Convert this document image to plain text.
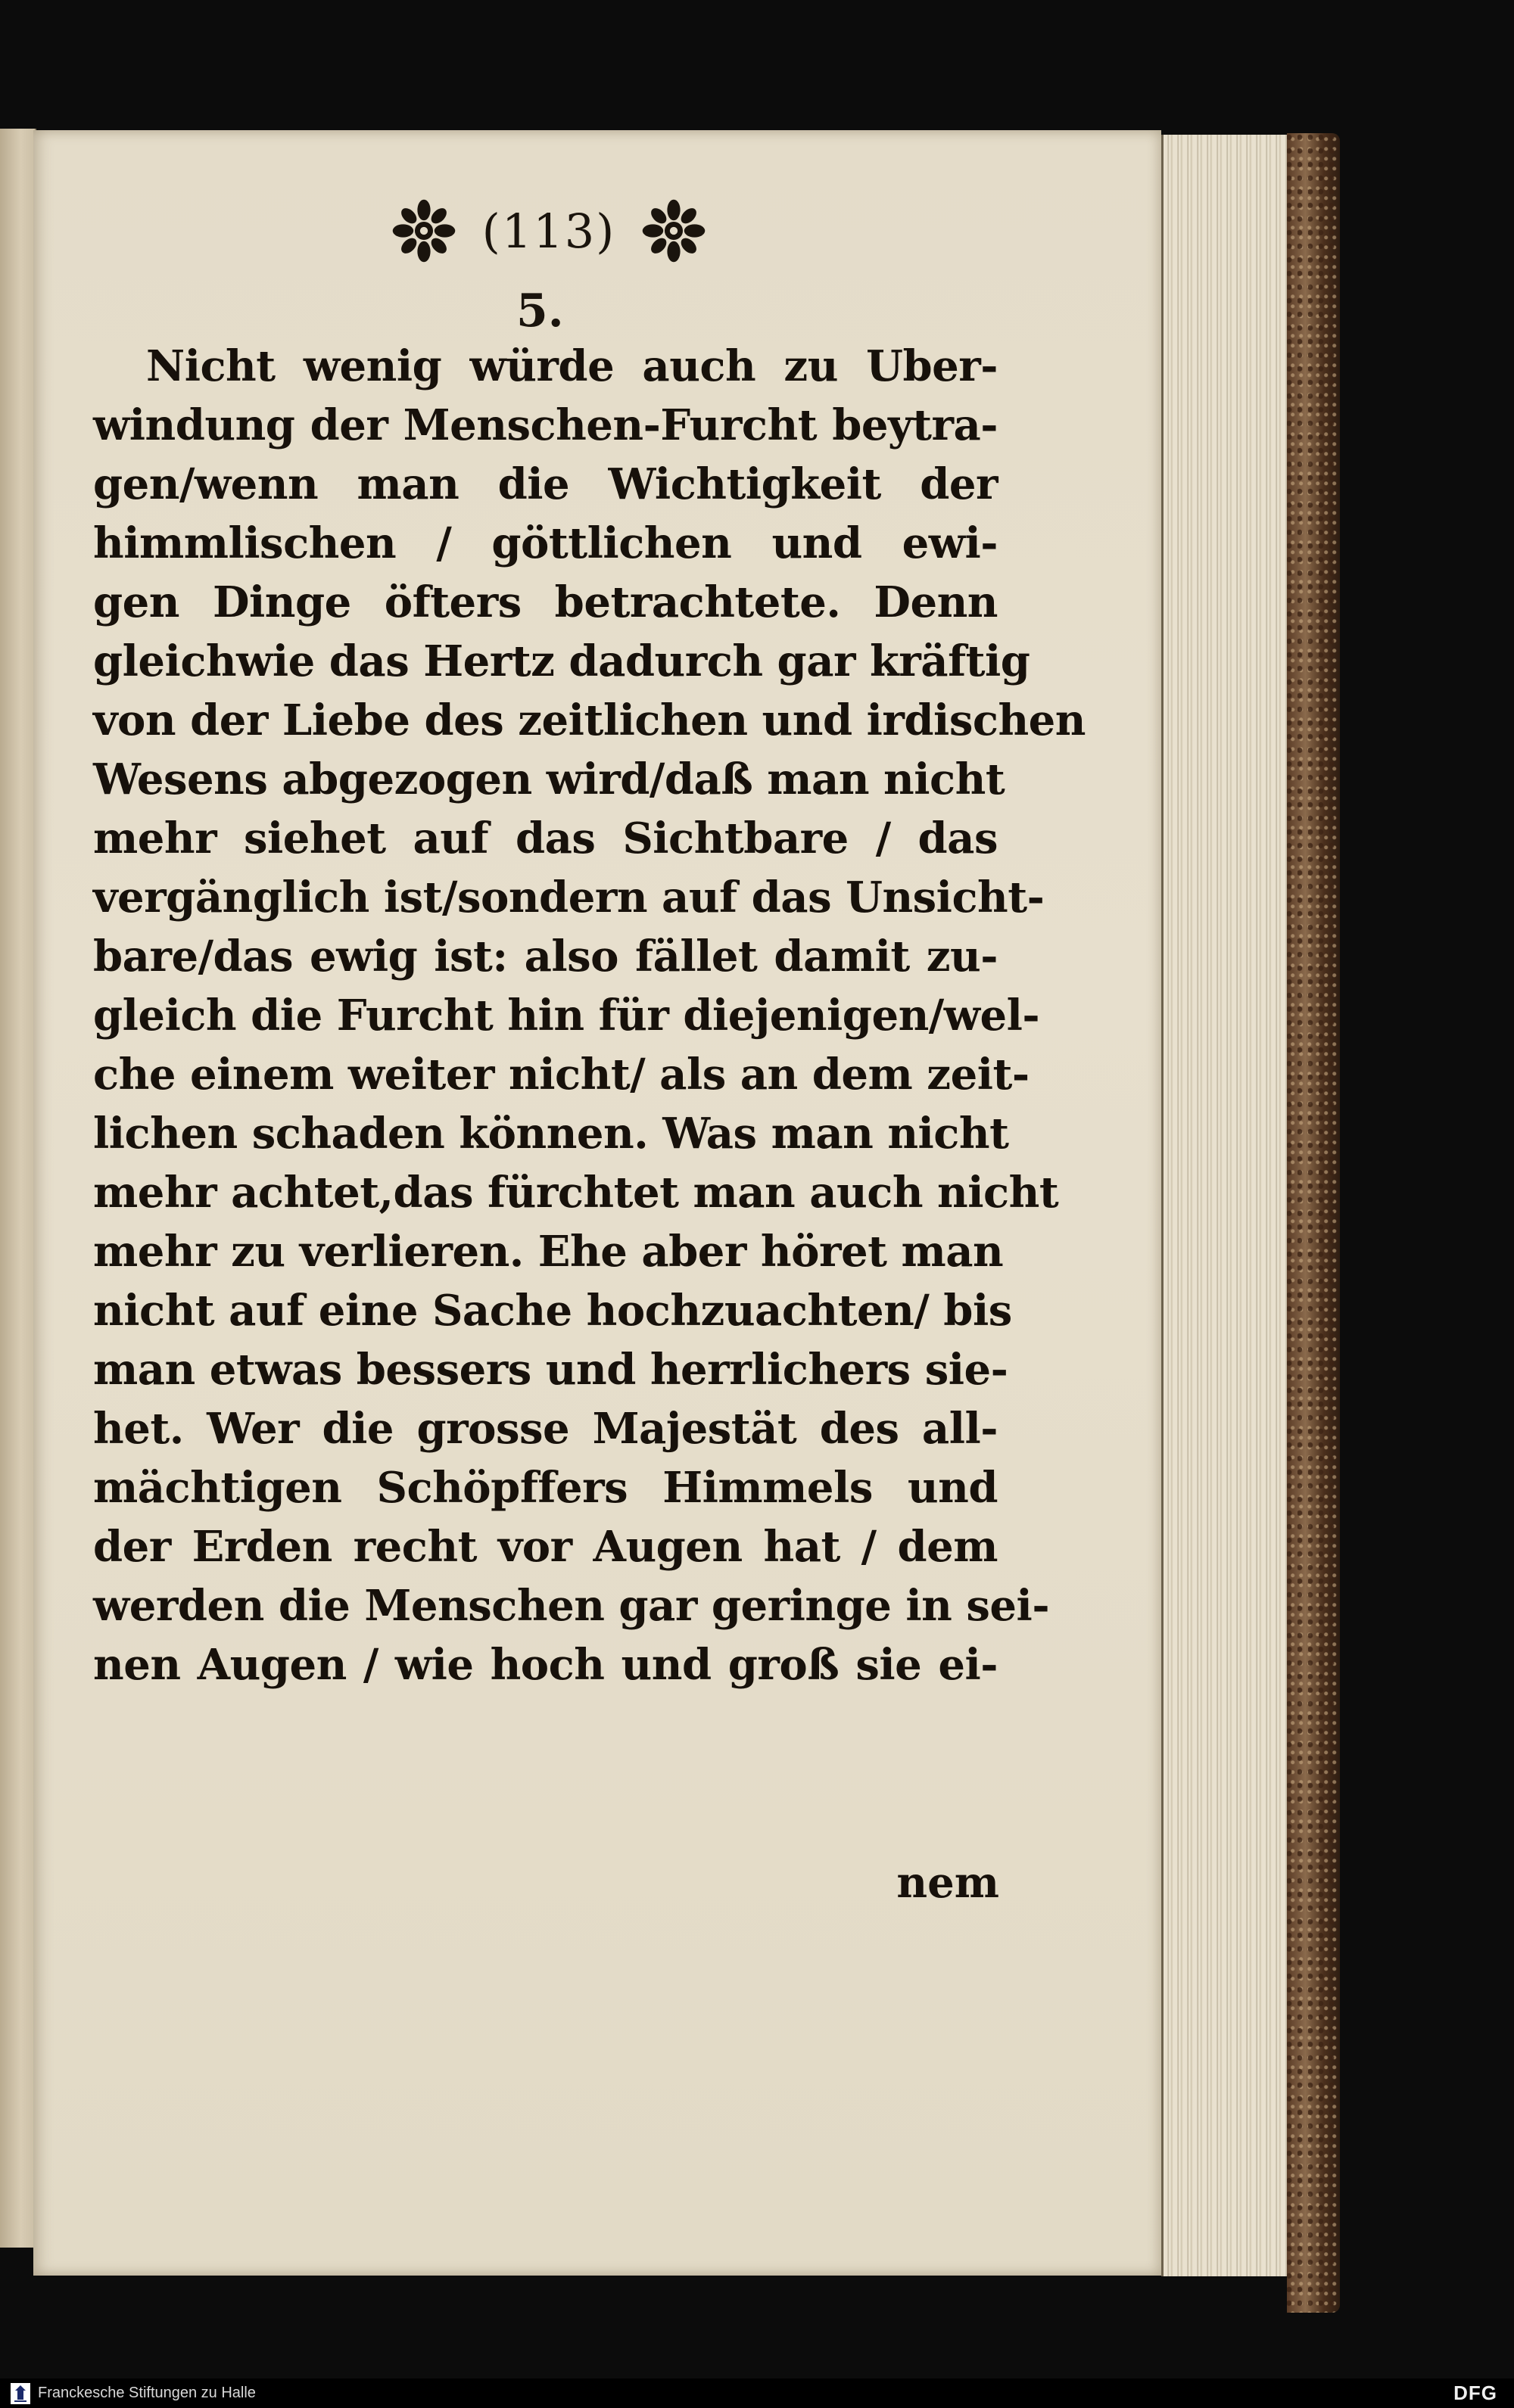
(113)
5.
Nicht wenig würde auch zu Uber-
windung der Menschen-Furcht beytra-
gen/wenn man die Wichtigkeit der
himmlischen / göttlichen und ewi-
gen Dinge öfters betrachtete. Denn
gleichwie das Hertz dadurch gar kräftig
von der Liebe des zeitlichen und irdischen
Wesens abgezogen wird/daß man nicht
mehr siehet auf das Sichtbare / das
vergänglich ist/sondern auf das Unsicht-
bare/das ewig ist: also fället damit zu-
gleich die Furcht hin für diejenigen/wel-
che einem weiter nicht/ als an dem zeit-
lichen schaden können. Was man nicht
mehr achtet,das fürchtet man auch nicht
mehr zu verlieren. Ehe aber höret man
nicht auf eine Sache hochzuachten/ bis
man etwas bessers und herrlichers sie-
het. Wer die grosse Majestät des all-
mächtigen Schöpffers Himmels und
der Erden recht vor Augen hat / dem
werden die Menschen gar geringe in sei-
nen Augen / wie hoch und groß sie ei-
nem
Franckesche Stiftungen zu Halle	DFG
